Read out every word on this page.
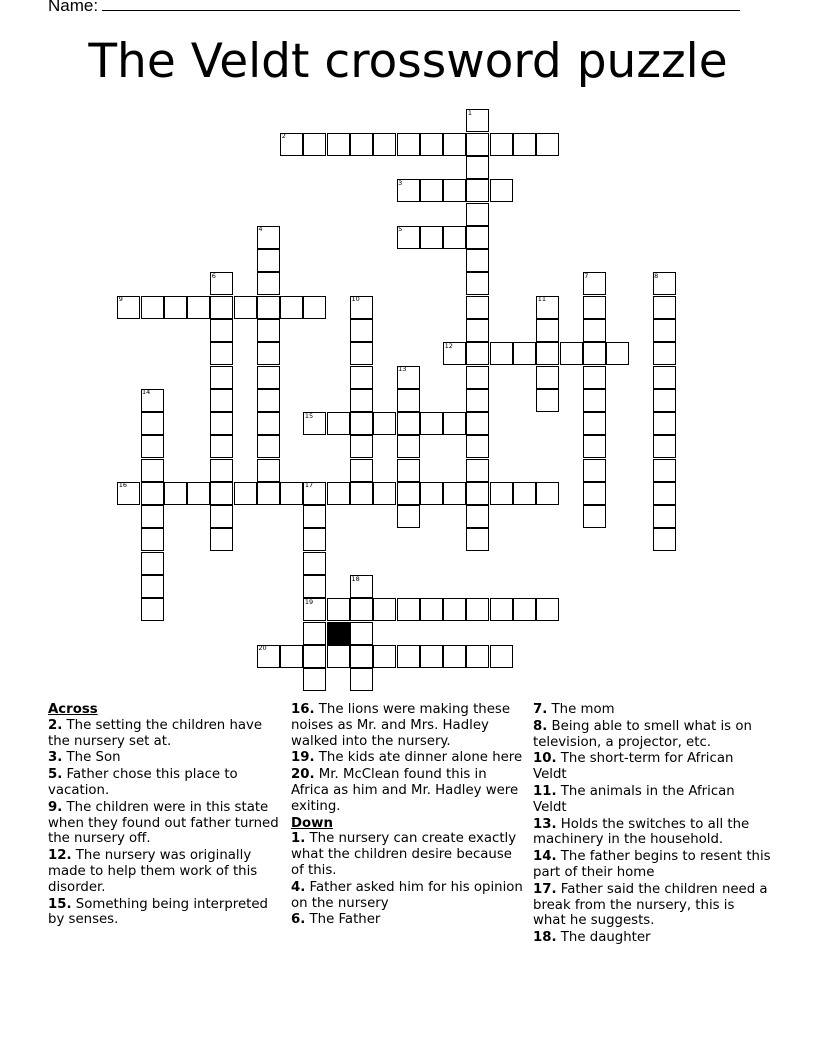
Name:
The Veldt crossword puzzle
1
2
3
4	5
6	7	8
9	10	11
12
13
14
15
16	17
18
19
20
Across
2. The setting the children have the nursery set at.
3. The Son
5. Father chose this place to vacation.
9. The children were in this state when they found out father turned the nursery off.
12. The nursery was originally made to help them work of this disorder.
15. Something being interpreted by senses.
16. The lions were making these noises as Mr. and Mrs. Hadley walked into the nursery.
19. The kids ate dinner alone here
20. Mr. McClean found this in Africa as him and Mr. Hadley were exiting.
Down
1. The nursery can create exactly what the children desire because of this.
4. Father asked him for his opinion on the nursery
6. The Father
7. The mom
8. Being able to smell what is on television, a projector, etc.
10. The short-term for African Veldt
11. The animals in the African Veldt
13. Holds the switches to all the machinery in the household.
14. The father begins to resent this part of their home
17. Father said the children need a break from the nursery, this is what he suggests.
18. The daughter
